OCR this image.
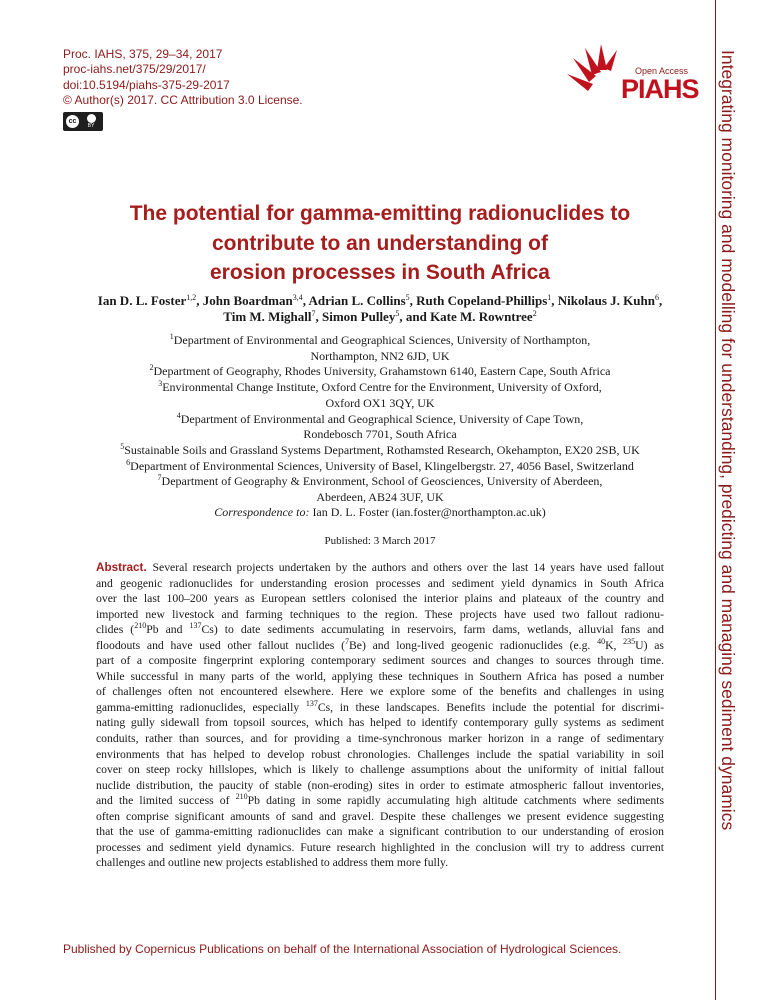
Proc. IAHS, 375, 29–34, 2017
proc-iahs.net/375/29/2017/
doi:10.5194/piahs-375-29-2017
© Author(s) 2017. CC Attribution 3.0 License.
cc
BY
Open Access
PIAHS Integrating monitoring and modelling for understanding, predicting and managing sediment dynamics
The potential for gamma-emitting radionuclides to
contribute to an understanding of
erosion processes in South Africa
Ian D. L. Foster$^{1,2}$, John Boardman$^{3,4}$, Adrian L. Collins$^5$, Ruth Copeland-Phillips$^1$, Nikolaus J. Kuhn$^6$,
Tim M. Mighall$^7$, Simon Pulley$^5$, and Kate M. Rowntree$^2$
$^1$Department of Environmental and Geographical Sciences, University of Northampton,
Northampton, NN2 6JD, UK
$^2$Department of Geography, Rhodes University, Grahamstown 6140, Eastern Cape, South Africa
$^3$Environmental Change Institute, Oxford Centre for the Environment, University of Oxford,
Oxford OX1 3QY, UK
$^4$Department of Environmental and Geographical Science, University of Cape Town,
Rondebosch 7701, South Africa
$^5$Sustainable Soils and Grassland Systems Department, Rothamsted Research, Okehampton, EX20 2SB, UK
$^6$Department of Environmental Sciences, University of Basel, Klingelbergstr. 27, 4056 Basel, Switzerland
$^7$Department of Geography & Environment, School of Geosciences, University of Aberdeen,
Aberdeen, AB24 3UF, UK
Correspondence to: Ian D. L. Foster (ian.foster@northampton.ac.uk)
Published: 3 March 2017
Abstract.  Several research projects undertaken by the authors and others over the last 14 years have used fallout
and geogenic radionuclides for understanding erosion processes and sediment yield dynamics in South Africa
over the last 100–200 years as European settlers colonised the interior plains and plateaux of the country and
imported new livestock and farming techniques to the region. These projects have used two fallout radionu-
clides ($^{210}$Pb and $^{137}$Cs) to date sediments accumulating in reservoirs, farm dams, wetlands, alluvial fans and
floodouts and have used other fallout nuclides ($^7$Be) and long-lived geogenic radionuclides (e.g. $^{40}$K, $^{235}$U) as
part of a composite fingerprint exploring contemporary sediment sources and changes to sources through time.
While successful in many parts of the world, applying these techniques in Southern Africa has posed a number
of challenges often not encountered elsewhere. Here we explore some of the benefits and challenges in using
gamma-emitting radionuclides, especially $^{137}$Cs, in these landscapes. Benefits include the potential for discrimi-
nating gully sidewall from topsoil sources, which has helped to identify contemporary gully systems as sediment
conduits, rather than sources, and for providing a time-synchronous marker horizon in a range of sedimentary
environments that has helped to develop robust chronologies. Challenges include the spatial variability in soil
cover on steep rocky hillslopes, which is likely to challenge assumptions about the uniformity of initial fallout
nuclide distribution, the paucity of stable (non-eroding) sites in order to estimate atmospheric fallout inventories,
and the limited success of $^{210}$Pb dating in some rapidly accumulating high altitude catchments where sediments
often comprise significant amounts of sand and gravel. Despite these challenges we present evidence suggesting
that the use of gamma-emitting radionuclides can make a significant contribution to our understanding of erosion
processes and sediment yield dynamics. Future research highlighted in the conclusion will try to address current
challenges and outline new projects established to address them more fully.
Published by Copernicus Publications on behalf of the International Association of Hydrological Sciences.
